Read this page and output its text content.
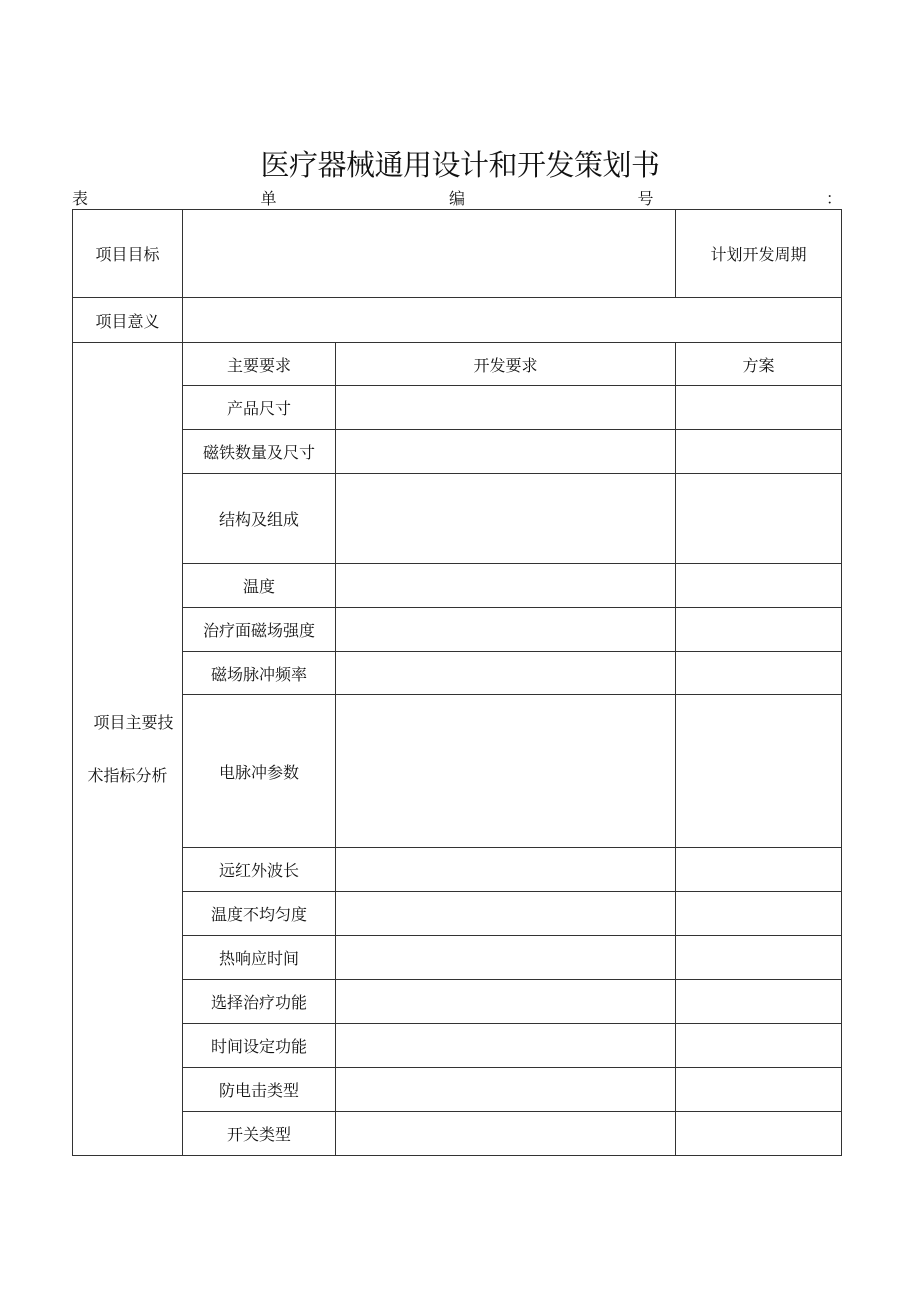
医疗器械通用设计和开发策划书
表	单	编	号	：
项目目标			计划开发周期
项目意义			

项目主要技
术指标分析	主要要求	开发要求	方案
	产品尺寸		
	磁铁数量及尺寸		
	结构及组成		
	温度		
	治疗面磁场强度		
	磁场脉冲频率		
	电脉冲参数		
	远红外波长		
	温度不均匀度		
	热响应时间		
	选择治疗功能		
	时间设定功能		
	防电击类型		
	开关类型		
